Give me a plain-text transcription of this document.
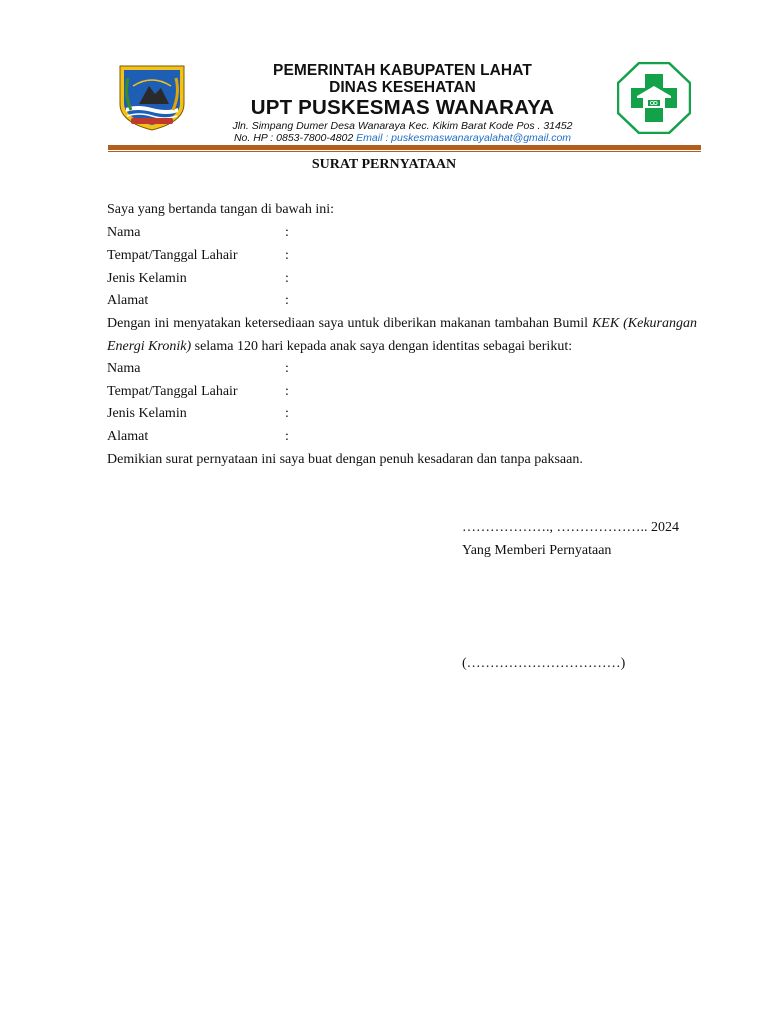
PEMERINTAH KABUPATEN LAHAT
DINAS KESEHATAN
UPT PUSKESMAS WANARAYA
Jln. Simpang Dumer Desa Wanaraya Kec. Kikim Barat Kode Pos . 31452
No. HP : 0853-7800-4802 Email : puskesmaswanarayalahat@gmail.com
SURAT PERNYATAAN
Saya yang bertanda tangan di bawah ini:
Nama	:
Tempat/Tanggal Lahair	:
Jenis Kelamin	:
Alamat	:
Dengan ini menyatakan ketersediaan saya untuk diberikan makanan tambahan Bumil KEK (Kekurangan Energi Kronik) selama 120 hari kepada anak saya dengan identitas sebagai berikut:
Nama	:
Tempat/Tanggal Lahair	:
Jenis Kelamin	:
Alamat	:
Demikian surat pernyataan ini saya buat dengan penuh kesadaran dan tanpa paksaan.
………………., ……………….. 2024
Yang Memberi Pernyataan
(……………………………)
